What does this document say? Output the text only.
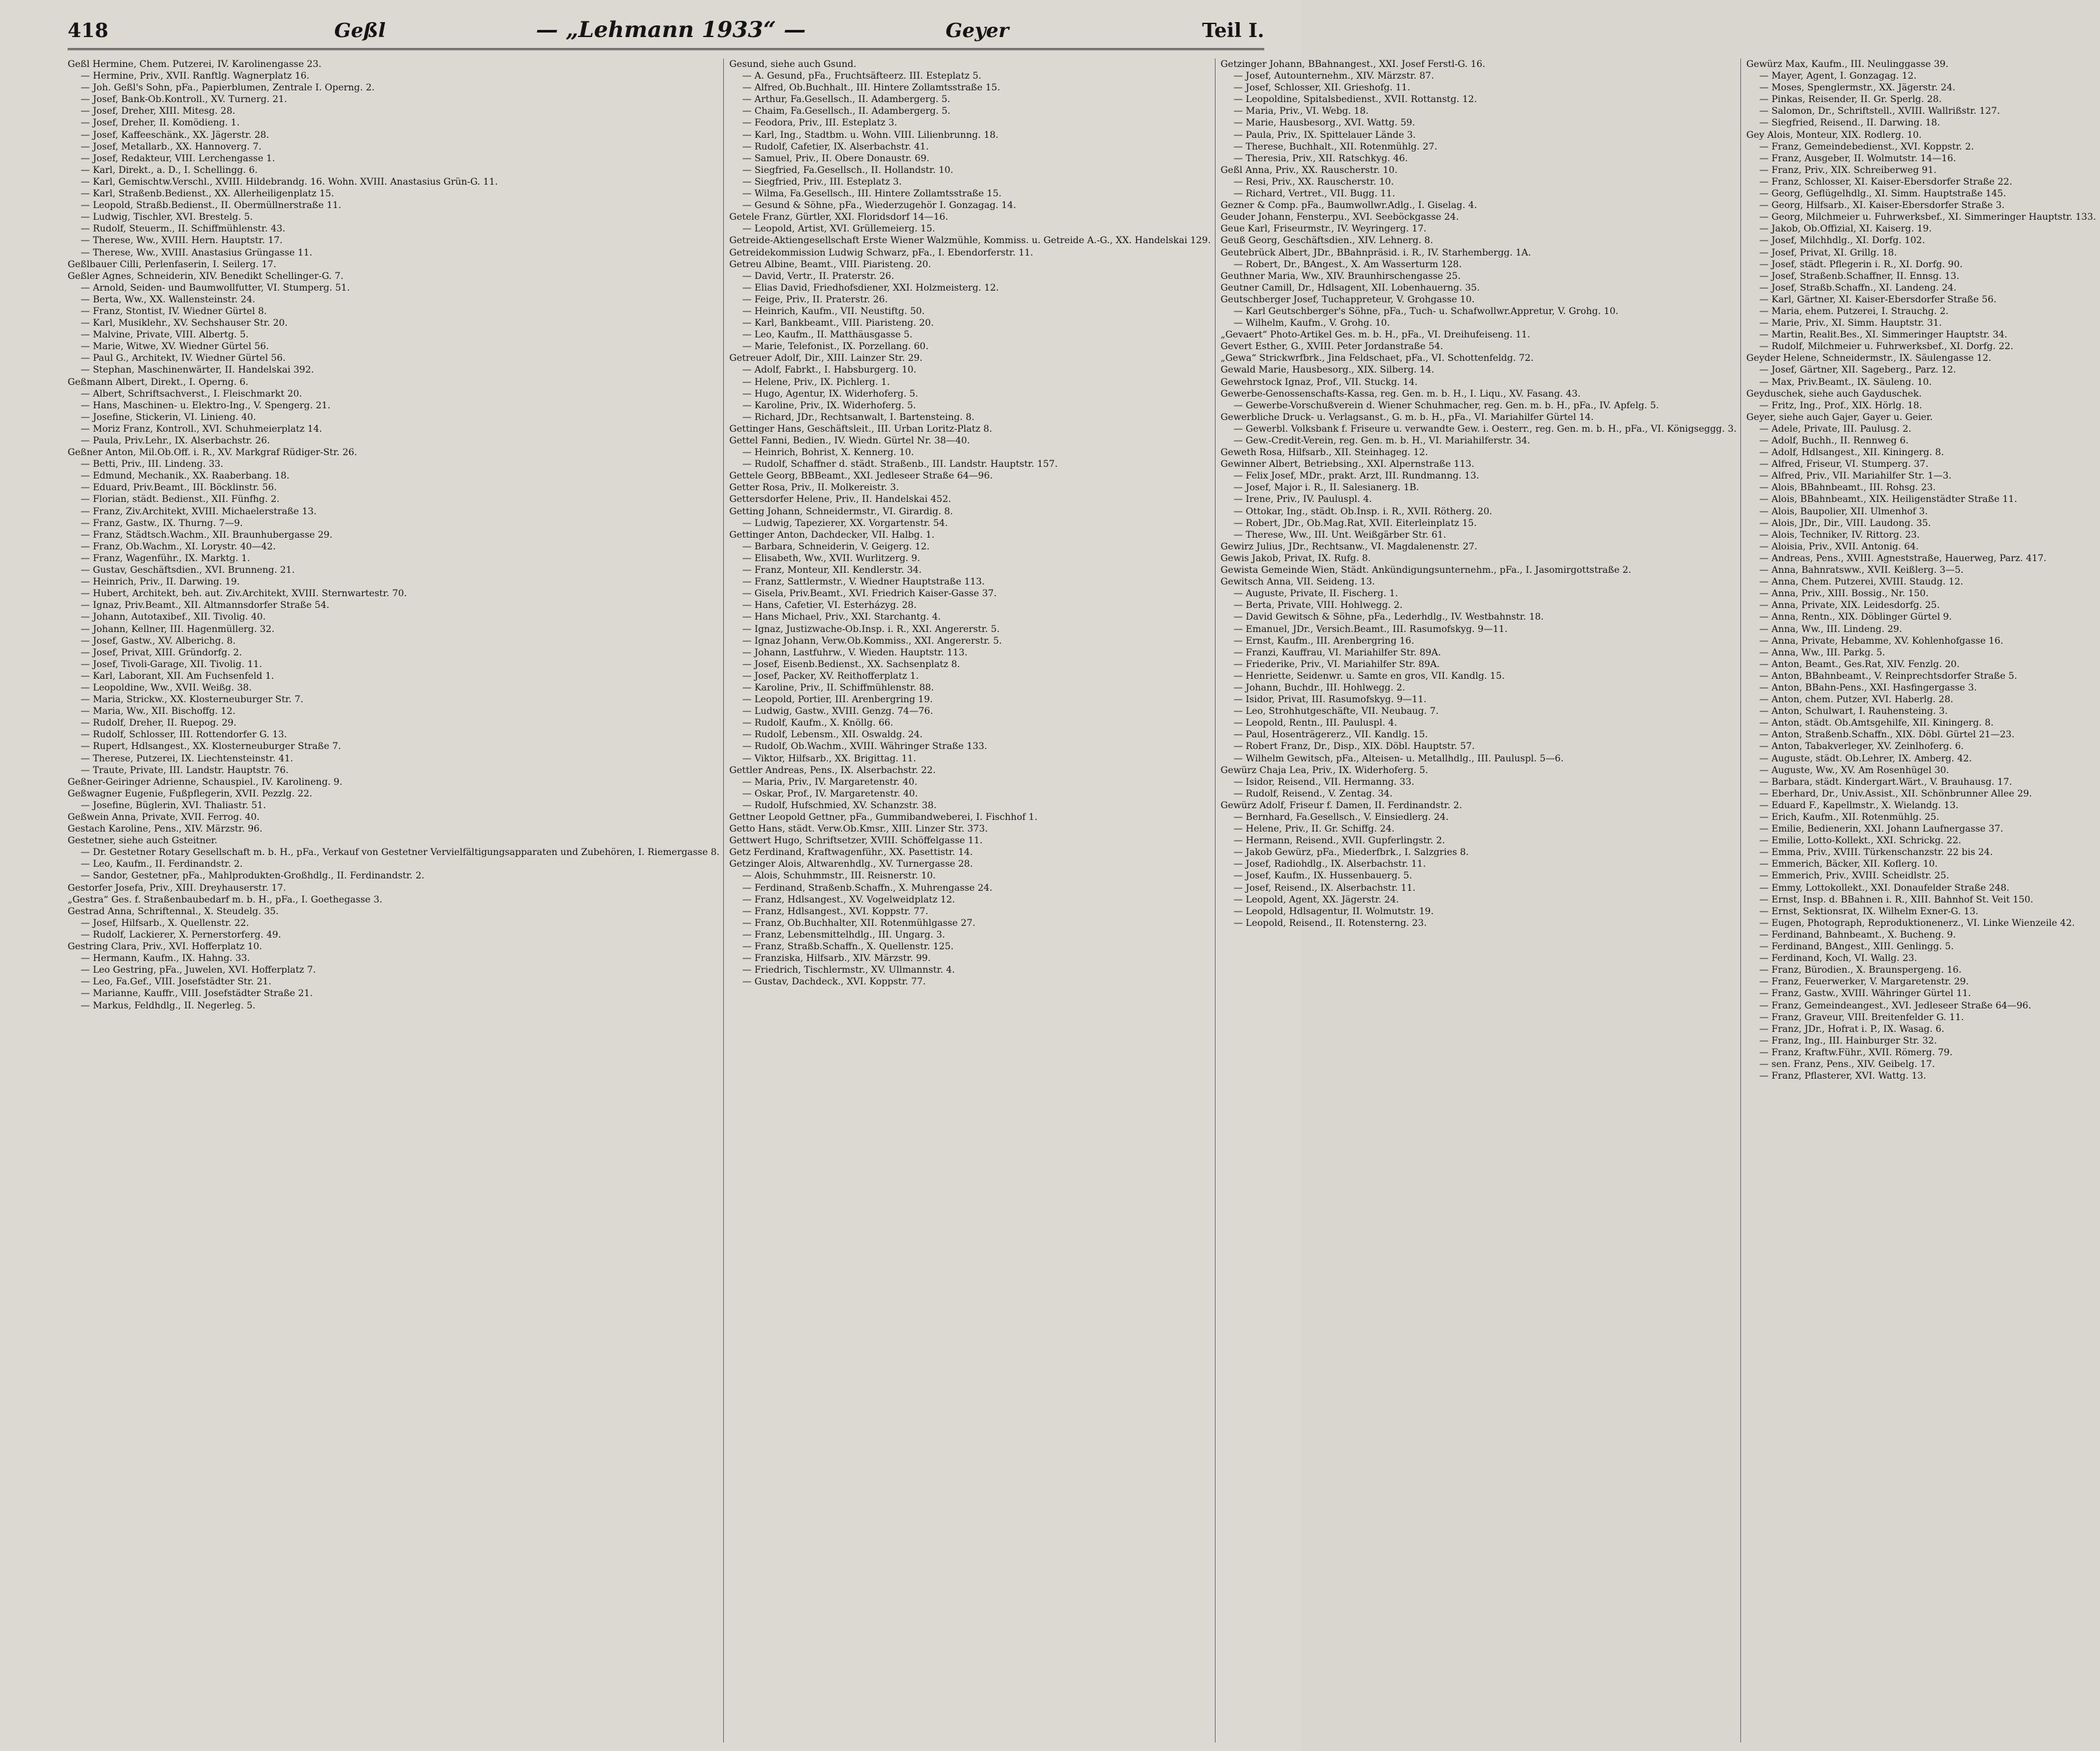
418	Geßl	— „Lehmann 1933“ —	Geyer	Teil I.

Geßl Hermine, Chem. Putzerei, IV. Karolinengasse 23.

— Hermine, Priv., XVII. Ranftlg. Wagnerplatz 16.

— Joh. Geßl's Sohn, pFa., Papierblumen, Zentrale I. Operng. 2.

— Josef, Bank-Ob.Kontroll., XV. Turnerg. 21.

— Josef, Dreher, XIII. Mitesg. 28.

— Josef, Dreher, II. Komödieng. 1.

— Josef, Kaffeeschänk., XX. Jägerstr. 28.

— Josef, Metallarb., XX. Hannoverg. 7.

— Josef, Redakteur, VIII. Lerchengasse 1.

— Karl, Direkt., a. D., I. Schellingg. 6.

— Karl, Gemischtw.Verschl., XVIII. Hildebrandg. 16. Wohn. XVIII. Anastasius Grün-G. 11.

— Karl, Straßenb.Bedienst., XX. Allerheiligenplatz 15.

— Leopold, Straßb.Bedienst., II. Obermüllnerstraße 11.

— Ludwig, Tischler, XVI. Brestelg. 5.

— Rudolf, Steuerm., II. Schiffmühlenstr. 43.

— Therese, Ww., XVIII. Hern. Hauptstr. 17.

— Therese, Ww., XVIII. Anastasius Grüngasse 11.

Geßlbauer Cilli, Perlenfaserin, I. Seilerg. 17.

Geßler Agnes, Schneiderin, XIV. Benedikt Schellinger-G. 7.

— Arnold, Seiden- und Baumwollfutter, VI. Stumperg. 51.

— Berta, Ww., XX. Wallensteinstr. 24.

— Franz, Stontist, IV. Wiedner Gürtel 8.

— Karl, Musiklehr., XV. Sechshauser Str. 20.

— Malvine, Private, VIII. Albertg. 5.

— Marie, Witwe, XV. Wiedner Gürtel 56.

— Paul G., Architekt, IV. Wiedner Gürtel 56.

— Stephan, Maschinenwärter, II. Handelskai 392.

Geßmann Albert, Direkt., I. Operng. 6.

— Albert, Schriftsachverst., I. Fleischmarkt 20.

— Hans, Maschinen- u. Elektro-Ing., V. Spengerg. 21.

— Josefine, Stickerin, VI. Linieng. 40.

— Moriz Franz, Kontroll., XVI. Schuhmeierplatz 14.

— Paula, Priv.Lehr., IX. Alserbachstr. 26.

Geßner Anton, Mil.Ob.Off. i. R., XV. Markgraf Rüdiger-Str. 26.

— Betti, Priv., III. Lindeng. 33.

— Edmund, Mechanik., XX. Raaberbang. 18.

— Eduard, Priv.Beamt., III. Böcklinstr. 56.

— Florian, städt. Bedienst., XII. Fünfhg. 2.

— Franz, Ziv.Architekt, XVIII. Michaelerstraße 13.

— Franz, Gastw., IX. Thurng. 7—9.

— Franz, Städtsch.Wachm., XII. Braunhubergasse 29.

— Franz, Ob.Wachm., XI. Lorystr. 40—42.

— Franz, Wagenführ., IX. Marktg. 1.

— Gustav, Geschäftsdien., XVI. Brunneng. 21.

— Heinrich, Priv., II. Darwing. 19.

— Hubert, Architekt, beh. aut. Ziv.Architekt, XVIII. Sternwartestr. 70.

— Ignaz, Priv.Beamt., XII. Altmannsdorfer Straße 54.

— Johann, Autotaxibef., XII. Tivolig. 40.

— Johann, Kellner, III. Hagenmüllerg. 32.

— Josef, Gastw., XV. Alberichg. 8.

— Josef, Privat, XIII. Gründorfg. 2.

— Josef, Tivoli-Garage, XII. Tivolig. 11.

— Karl, Laborant, XII. Am Fuchsenfeld 1.

— Leopoldine, Ww., XVII. Weißg. 38.

— Maria, Strickw., XX. Klosterneuburger Str. 7.

— Maria, Ww., XII. Bischoffg. 12.

— Rudolf, Dreher, II. Ruepog. 29.

— Rudolf, Schlosser, III. Rottendorfer G. 13.

— Rupert, Hdlsangest., XX. Klosterneuburger Straße 7.

— Therese, Putzerei, IX. Liechtensteinstr. 41.

— Traute, Private, III. Landstr. Hauptstr. 76.

Geßner-Geiringer Adrienne, Schauspiel., IV. Karolineng. 9.

Geßwagner Eugenie, Fußpflegerin, XVII. Pezzlg. 22.

— Josefine, Büglerin, XVI. Thaliastr. 51.

Geßwein Anna, Private, XVII. Ferrog. 40.

Gestach Karoline, Pens., XIV. Märzstr. 96.

Gestetner, siehe auch Gsteitner.

— Dr. Gestetner Rotary Gesellschaft m. b. H., pFa., Verkauf von Gestetner Vervielfältigungsapparaten und Zubehören, I. Riemergasse 8.

— Leo, Kaufm., II. Ferdinandstr. 2.

— Sandor, Gestetner, pFa., Mahlprodukten-Großhdlg., II. Ferdinandstr. 2.

Gestorfer Josefa, Priv., XIII. Dreyhauserstr. 17.

„Gestra“ Ges. f. Straßenbaubedarf m. b. H., pFa., I. Goethegasse 3.

Gestrad Anna, Schriftennal., X. Steudelg. 35.

— Josef, Hilfsarb., X. Quellenstr. 22.

— Rudolf, Lackierer, X. Pernerstorferg. 49.

Gestring Clara, Priv., XVI. Hofferplatz 10.

— Hermann, Kaufm., IX. Hahng. 33.

— Leo Gestring, pFa., Juwelen, XVI. Hofferplatz 7.

— Leo, Fa.Gef., VIII. Josefstädter Str. 21.

— Marianne, Kauffr., VIII. Josefstädter Straße 21.

— Markus, Feldhdlg., II. Negerleg. 5.

Gesund, siehe auch Gsund.

— A. Gesund, pFa., Fruchtsäfteerz. III. Esteplatz 5.

— Alfred, Ob.Buchhalt., III. Hintere Zollamtsstraße 15.

— Arthur, Fa.Gesellsch., II. Adambergerg. 5.

— Chaim, Fa.Gesellsch., II. Adambergerg. 5.

— Feodora, Priv., III. Esteplatz 3.

— Karl, Ing., Stadtbm. u. Wohn. VIII. Lilienbrunng. 18.

— Rudolf, Cafetier, IX. Alserbachstr. 41.

— Samuel, Priv., II. Obere Donaustr. 69.

— Siegfried, Fa.Gesellsch., II. Hollandstr. 10.

— Siegfried, Priv., III. Esteplatz 3.

— Wilma, Fa.Gesellsch., III. Hintere Zollamtsstraße 15.

— Gesund & Söhne, pFa., Wiederzugehör I. Gonzagag. 14.

Getele Franz, Gürtler, XXI. Floridsdorf 14—16.

— Leopold, Artist, XVI. Grüllemeierg. 15.

Getreide-Aktiengesellschaft Erste Wiener Walzmühle, Kommiss. u. Getreide A.-G., XX. Handelskai 129.

Getreidekommission Ludwig Schwarz, pFa., I. Ebendorferstr. 11.

Getreu Albine, Beamt., VIII. Piaristeng. 20.

— David, Vertr., II. Praterstr. 26.

— Elias David, Friedhofsdiener, XXI. Holzmeisterg. 12.

— Feige, Priv., II. Praterstr. 26.

— Heinrich, Kaufm., VII. Neustiftg. 50.

— Karl, Bankbeamt., VIII. Piaristeng. 20.

— Leo, Kaufm., II. Matthäusgasse 5.

— Marie, Telefonist., IX. Porzellang. 60.

Getreuer Adolf, Dir., XIII. Lainzer Str. 29.

— Adolf, Fabrkt., I. Habsburgerg. 10.

— Helene, Priv., IX. Pichlerg. 1.

— Hugo, Agentur, IX. Widerhoferg. 5.

— Karoline, Priv., IX. Widerhoferg. 5.

— Richard, JDr., Rechtsanwalt, I. Bartensteing. 8.

Gettinger Hans, Geschäftsleit., III. Urban Loritz-Platz 8.

Gettel Fanni, Bedien., IV. Wiedn. Gürtel Nr. 38—40.

— Heinrich, Bohrist, X. Kennerg. 10.

— Rudolf, Schaffner d. städt. Straßenb., III. Landstr. Hauptstr. 157.

Gettele Georg, BBBeamt., XXI. Jedleseer Straße 64—96.

Getter Rosa, Priv., II. Molkereistr. 3.

Gettersdorfer Helene, Priv., II. Handelskai 452.

Getting Johann, Schneidermstr., VI. Girardig. 8.

— Ludwig, Tapezierer, XX. Vorgartenstr. 54.

Gettinger Anton, Dachdecker, VII. Halbg. 1.

— Barbara, Schneiderin, V. Geigerg. 12.

— Elisabeth, Ww., XVII. Wurlitzerg. 9.

— Franz, Monteur, XII. Kendlerstr. 34.

— Franz, Sattlermstr., V. Wiedner Hauptstraße 113.

— Gisela, Priv.Beamt., XVI. Friedrich Kaiser-Gasse 37.

— Hans, Cafetier, VI. Esterházyg. 28.

— Hans Michael, Priv., XXI. Starchantg. 4.

— Ignaz, Justizwache-Ob.Insp. i. R., XXI. Angererstr. 5.

— Ignaz Johann, Verw.Ob.Kommiss., XXI. Angererstr. 5.

— Johann, Lastfuhrw., V. Wieden. Hauptstr. 113.

— Josef, Eisenb.Bedienst., XX. Sachsenplatz 8.

— Josef, Packer, XV. Reithofferplatz 1.

— Karoline, Priv., II. Schiffmühlenstr. 88.

— Leopold, Portier, III. Arenbergring 19.

— Ludwig, Gastw., XVIII. Genzg. 74—76.

— Rudolf, Kaufm., X. Knöllg. 66.

— Rudolf, Lebensm., XII. Oswaldg. 24.

— Rudolf, Ob.Wachm., XVIII. Währinger Straße 133.

— Viktor, Hilfsarb., XX. Brigittag. 11.

Gettler Andreas, Pens., IX. Alserbachstr. 22.

— Maria, Priv., IV. Margaretenstr. 40.

— Oskar, Prof., IV. Margaretenstr. 40.

— Rudolf, Hufschmied, XV. Schanzstr. 38.

Gettner Leopold Gettner, pFa., Gummibandweberei, I. Fischhof 1.

Getto Hans, städt. Verw.Ob.Kmsr., XIII. Linzer Str. 373.

Gettwert Hugo, Schriftsetzer, XVIII. Schöffelgasse 11.

Getz Ferdinand, Kraftwagenführ., XX. Pasettistr. 14.

Getzinger Alois, Altwarenhdlg., XV. Turnergasse 28.

— Alois, Schuhmmstr., III. Reisnerstr. 10.

— Ferdinand, Straßenb.Schaffn., X. Muhrengasse 24.

— Franz, Hdlsangest., XV. Vogelweidplatz 12.

— Franz, Hdlsangest., XVI. Koppstr. 77.

— Franz, Ob.Buchhalter, XII. Rotenmühlgasse 27.

— Franz, Lebensmittelhdlg., III. Ungarg. 3.

— Franz, Straßb.Schaffn., X. Quellenstr. 125.

— Franziska, Hilfsarb., XIV. Märzstr. 99.

— Friedrich, Tischlermstr., XV. Ullmannstr. 4.

— Gustav, Dachdeck., XVI. Koppstr. 77.

Getzinger Johann, BBahnangest., XXI. Josef Ferstl-G. 16.

— Josef, Autounternehm., XIV. Märzstr. 87.

— Josef, Schlosser, XII. Grieshofg. 11.

— Leopoldine, Spitalsbedienst., XVII. Rottanstg. 12.

— Maria, Priv., VI. Webg. 18.

— Marie, Hausbesorg., XVI. Wattg. 59.

— Paula, Priv., IX. Spittelauer Lände 3.

— Therese, Buchhalt., XII. Rotenmühlg. 27.

— Theresia, Priv., XII. Ratschkyg. 46.

Geßl Anna, Priv., XX. Rauscherstr. 10.

— Resi, Priv., XX. Rauscherstr. 10.

— Richard, Vertret., VII. Bugg. 11.

Gezner & Comp. pFa., Baumwollwr.Adlg., I. Giselag. 4.

Geuder Johann, Fensterpu., XVI. Seeböckgasse 24.

Geue Karl, Friseurmstr., IV. Weyringerg. 17.

Geuß Georg, Geschäftsdien., XIV. Lehnerg. 8.

Geutebrück Albert, JDr., BBahnpräsid. i. R., IV. Starhembergg. 1A.

— Robert, Dr., BAngest., X. Am Wasserturm 128.

Geuthner Maria, Ww., XIV. Braunhirschengasse 25.

Geutner Camill, Dr., Hdlsagent, XII. Lobenhauerng. 35.

Geutschberger Josef, Tuchappreteur, V. Grohgasse 10.

— Karl Geutschberger's Söhne, pFa., Tuch- u. Schafwollwr.Appretur, V. Grohg. 10.

— Wilhelm, Kaufm., V. Grohg. 10.

„Gevaert“ Photo-Artikel Ges. m. b. H., pFa., VI. Dreihufeiseng. 11.

Gevert Esther, G., XVIII. Peter Jordanstraße 54.

„Gewa“ Strickwrfbrk., Jina Feldschaet, pFa., VI. Schottenfeldg. 72.

Gewald Marie, Hausbesorg., XIX. Silberg. 14.

Gewehrstock Ignaz, Prof., VII. Stuckg. 14.

Gewerbe-Genossenschafts-Kassa, reg. Gen. m. b. H., I. Liqu., XV. Fasang. 43.

— Gewerbe-Vorschußverein d. Wiener Schuhmacher, reg. Gen. m. b. H., pFa., IV. Apfelg. 5.

Gewerbliche Druck- u. Verlagsanst., G. m. b. H., pFa., VI. Mariahilfer Gürtel 14.

— Gewerbl. Volksbank f. Friseure u. verwandte Gew. i. Oesterr., reg. Gen. m. b. H., pFa., VI. Königseggg. 3.

— Gew.-Credit-Verein, reg. Gen. m. b. H., VI. Mariahilferstr. 34.

Geweth Rosa, Hilfsarb., XII. Steinhageg. 12.

Gewinner Albert, Betriebsing., XXI. Alpernstraße 113.

— Felix Josef, MDr., prakt. Arzt, III. Rundmanng. 13.

— Josef, Major i. R., II. Salesianerg. 1B.

— Irene, Priv., IV. Pauluspl. 4.

— Ottokar, Ing., städt. Ob.Insp. i. R., XVII. Rötherg. 20.

— Robert, JDr., Ob.Mag.Rat, XVII. Eiterleinplatz 15.

— Therese, Ww., III. Unt. Weißgärber Str. 61.

Gewirz Julius, JDr., Rechtsanw., VI. Magdalenenstr. 27.

Gewis Jakob, Privat, IX. Rufg. 8.

Gewista Gemeinde Wien, Städt. Ankündigungsunternehm., pFa., I. Jasomirgottstraße 2.

Gewitsch Anna, VII. Seideng. 13.

— Auguste, Private, II. Fischerg. 1.

— Berta, Private, VIII. Hohlwegg. 2.

— David Gewitsch & Söhne, pFa., Lederhdlg., IV. Westbahnstr. 18.

— Emanuel, JDr., Versich.Beamt., III. Rasumofskyg. 9—11.

— Ernst, Kaufm., III. Arenbergring 16.

— Franzi, Kauffrau, VI. Mariahilfer Str. 89A.

— Friederike, Priv., VI. Mariahilfer Str. 89A.

— Henriette, Seidenwr. u. Samte en gros, VII. Kandlg. 15.

— Johann, Buchdr., III. Hohlwegg. 2.

— Isidor, Privat, III. Rasumofskyg. 9—11.

— Leo, Strohhutgeschäfte, VII. Neubaug. 7.

— Leopold, Rentn., III. Pauluspl. 4.

— Paul, Hosenträgererz., VII. Kandlg. 15.

— Robert Franz, Dr., Disp., XIX. Döbl. Hauptstr. 57.

— Wilhelm Gewitsch, pFa., Alteisen- u. Metallhdlg., III. Pauluspl. 5—6.

Gewürz Chaja Lea, Priv., IX. Widerhoferg. 5.

— Isidor, Reisend., VII. Hermanng. 33.

— Rudolf, Reisend., V. Zentag. 34.

Gewürz Adolf, Friseur f. Damen, II. Ferdinandstr. 2.

— Bernhard, Fa.Gesellsch., V. Einsiedlerg. 24.

— Helene, Priv., II. Gr. Schiffg. 24.

— Hermann, Reisend., XVII. Gupferlingstr. 2.

— Jakob Gewürz, pFa., Miederfbrk., I. Salzgries 8.

— Josef, Radiohdlg., IX. Alserbachstr. 11.

— Josef, Kaufm., IX. Hussenbauerg. 5.

— Josef, Reisend., IX. Alserbachstr. 11.

— Leopold, Agent, XX. Jägerstr. 24.

— Leopold, Hdlsagentur, II. Wolmutstr. 19.

— Leopold, Reisend., II. Rotensterng. 23.

Gewürz Max, Kaufm., III. Neulinggasse 39.

— Mayer, Agent, I. Gonzagag. 12.

— Moses, Spenglermstr., XX. Jägerstr. 24.

— Pinkas, Reisender, II. Gr. Sperlg. 28.

— Salomon, Dr., Schriftstell., XVIII. Wallrißstr. 127.

— Siegfried, Reisend., II. Darwing. 18.

Gey Alois, Monteur, XIX. Rodlerg. 10.

— Franz, Gemeindebedienst., XVI. Koppstr. 2.

— Franz, Ausgeber, II. Wolmutstr. 14—16.

— Franz, Priv., XIX. Schreiberweg 91.

— Franz, Schlosser, XI. Kaiser-Ebersdorfer Straße 22.

— Georg, Geflügelhdlg., XI. Simm. Hauptstraße 145.

— Georg, Hilfsarb., XI. Kaiser-Ebersdorfer Straße 3.

— Georg, Milchmeier u. Fuhrwerksbef., XI. Simmeringer Hauptstr. 133.

— Jakob, Ob.Offizial, XI. Kaiserg. 19.

— Josef, Milchhdlg., XI. Dorfg. 102.

— Josef, Privat, XI. Grillg. 18.

— Josef, städt. Pflegerin i. R., XI. Dorfg. 90.

— Josef, Straßenb.Schaffner, II. Ennsg. 13.

— Josef, Straßb.Schaffn., XI. Landeng. 24.

— Karl, Gärtner, XI. Kaiser-Ebersdorfer Straße 56.

— Maria, ehem. Putzerei, I. Strauchg. 2.

— Marie, Priv., XI. Simm. Hauptstr. 31.

— Martin, Realit.Bes., XI. Simmeringer Hauptstr. 34.

— Rudolf, Milchmeier u. Fuhrwerksbef., XI. Dorfg. 22.

Geyder Helene, Schneidermstr., IX. Säulengasse 12.

— Josef, Gärtner, XII. Sageberg., Parz. 12.

— Max, Priv.Beamt., IX. Säuleng. 10.

Geyduschek, siehe auch Gayduschek.

— Fritz, Ing., Prof., XIX. Hörlg. 18.

Geyer, siehe auch Gajer, Gayer u. Geier.

— Adele, Private, III. Paulusg. 2.

— Adolf, Buchh., II. Rennweg 6.

— Adolf, Hdlsangest., XII. Kiningerg. 8.

— Alfred, Friseur, VI. Stumperg. 37.

— Alfred, Priv., VII. Mariahilfer Str. 1—3.

— Alois, BBahnbeamt., III. Rohsg. 23.

— Alois, BBahnbeamt., XIX. Heiligenstädter Straße 11.

— Alois, Baupolier, XII. Ulmenhof 3.

— Alois, JDr., Dir., VIII. Laudong. 35.

— Alois, Techniker, IV. Rittorg. 23.

— Aloisia, Priv., XVII. Antonig. 64.

— Andreas, Pens., XVIII. Agneststraße, Hauerweg, Parz. 417.

— Anna, Bahnratsww., XVII. Keißlerg. 3—5.

— Anna, Chem. Putzerei, XVIII. Staudg. 12.

— Anna, Priv., XIII. Bossig., Nr. 150.

— Anna, Private, XIX. Leidesdorfg. 25.

— Anna, Rentn., XIX. Döblinger Gürtel 9.

— Anna, Ww., III. Lindeng. 29.

— Anna, Private, Hebamme, XV. Kohlenhofgasse 16.

— Anna, Ww., III. Parkg. 5.

— Anton, Beamt., Ges.Rat, XIV. Fenzlg. 20.

— Anton, BBahnbeamt., V. Reinprechtsdorfer Straße 5.

— Anton, BBahn-Pens., XXI. Hasfingergasse 3.

— Anton, chem. Putzer, XVI. Haberlg. 28.

— Anton, Schulwart, I. Rauhensteing. 3.

— Anton, städt. Ob.Amtsgehilfe, XII. Kiningerg. 8.

— Anton, Straßenb.Schaffn., XIX. Döbl. Gürtel 21—23.

— Anton, Tabakverleger, XV. Zeinlhoferg. 6.

— Auguste, städt. Ob.Lehrer, IX. Amberg. 42.

— Auguste, Ww., XV. Am Rosenhügel 30.

— Barbara, städt. Kindergart.Wärt., V. Brauhausg. 17.

— Eberhard, Dr., Univ.Assist., XII. Schönbrunner Allee 29.

— Eduard F., Kapellmstr., X. Wielandg. 13.

— Erich, Kaufm., XII. Rotenmühlg. 25.

— Emilie, Bedienerin, XXI. Johann Laufnergasse 37.

— Emilie, Lotto-Kollekt., XXI. Schrickg. 22.

— Emma, Priv., XVIII. Türkenschanzstr. 22 bis 24.

— Emmerich, Bäcker, XII. Koflerg. 10.

— Emmerich, Priv., XVIII. Scheidlstr. 25.

— Emmy, Lottokollekt., XXI. Donaufelder Straße 248.

— Ernst, Insp. d. BBahnen i. R., XIII. Bahnhof St. Veit 150.

— Ernst, Sektionsrat, IX. Wilhelm Exner-G. 13.

— Eugen, Photograph, Reproduktionenerz., VI. Linke Wienzeile 42.

— Ferdinand, Bahnbeamt., X. Bucheng. 9.

— Ferdinand, BAngest., XIII. Genlingg. 5.

— Ferdinand, Koch, VI. Wallg. 23.

— Franz, Bürodien., X. Braunspergeng. 16.

— Franz, Feuerwerker, V. Margaretenstr. 29.

— Franz, Gastw., XVIII. Währinger Gürtel 11.

— Franz, Gemeindeangest., XVI. Jedleseer Straße 64—96.

— Franz, Graveur, VIII. Breitenfelder G. 11.

— Franz, JDr., Hofrat i. P., IX. Wasag. 6.

— Franz, Ing., III. Hainburger Str. 32.

— Franz, Kraftw.Führ., XVII. Römerg. 79.

— sen. Franz, Pens., XIV. Geibelg. 17.

— Franz, Pflasterer, XVI. Wattg. 13.
